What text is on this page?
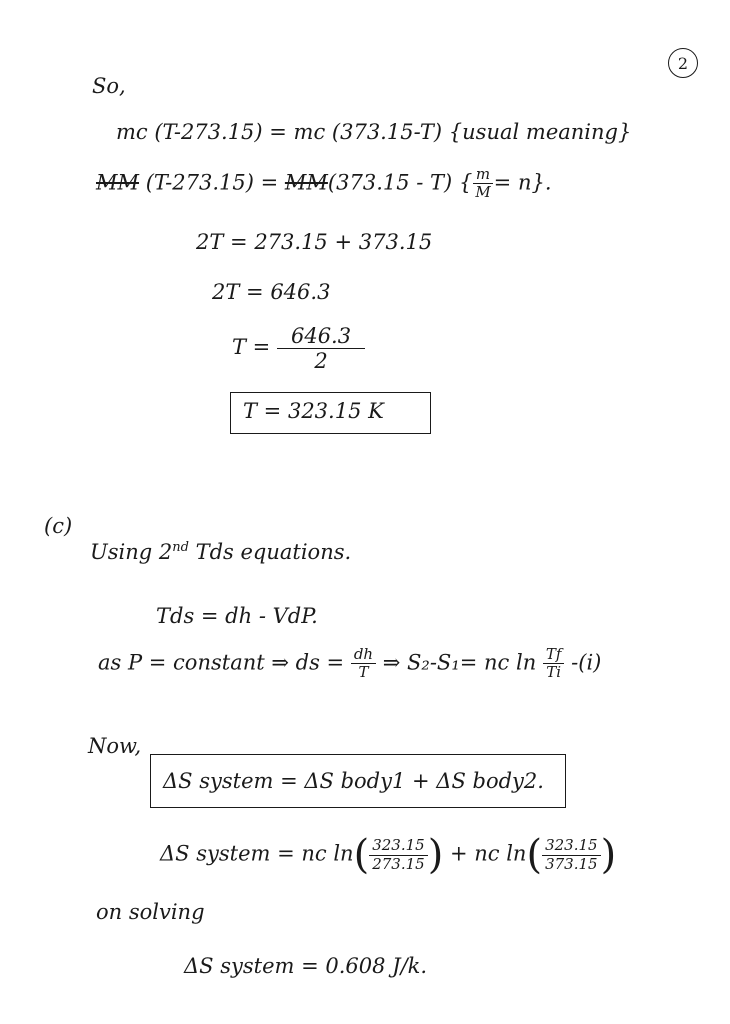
2
So,
mc (T-273.15) = mc (373.15-T) {usual meaning}
MM (T-273.15) = MM(373.15 - T) { $\frac{m}{M} = n$}.
2T = 273.15 + 373.15
2T = 646.3
$T = \frac{646.3}{2}$
T = 323.15 K
(c)
Using 2nd Tds equations.
Tds = dh - VdP.
as P = constant ⇒ ds = $\frac{dh}{T}$ ⇒ S₂-S₁= nc $\ln \frac{Tf}{Ti} -(i)$
Now,
ΔS system = ΔS body1 + ΔS body2.
ΔS system = nc $\ln( \frac{323.15}{273.15}$ ) + nc $\ln( \frac{323.15}{373.15}$ )
on solving
ΔS system = 0.608 J/k.
